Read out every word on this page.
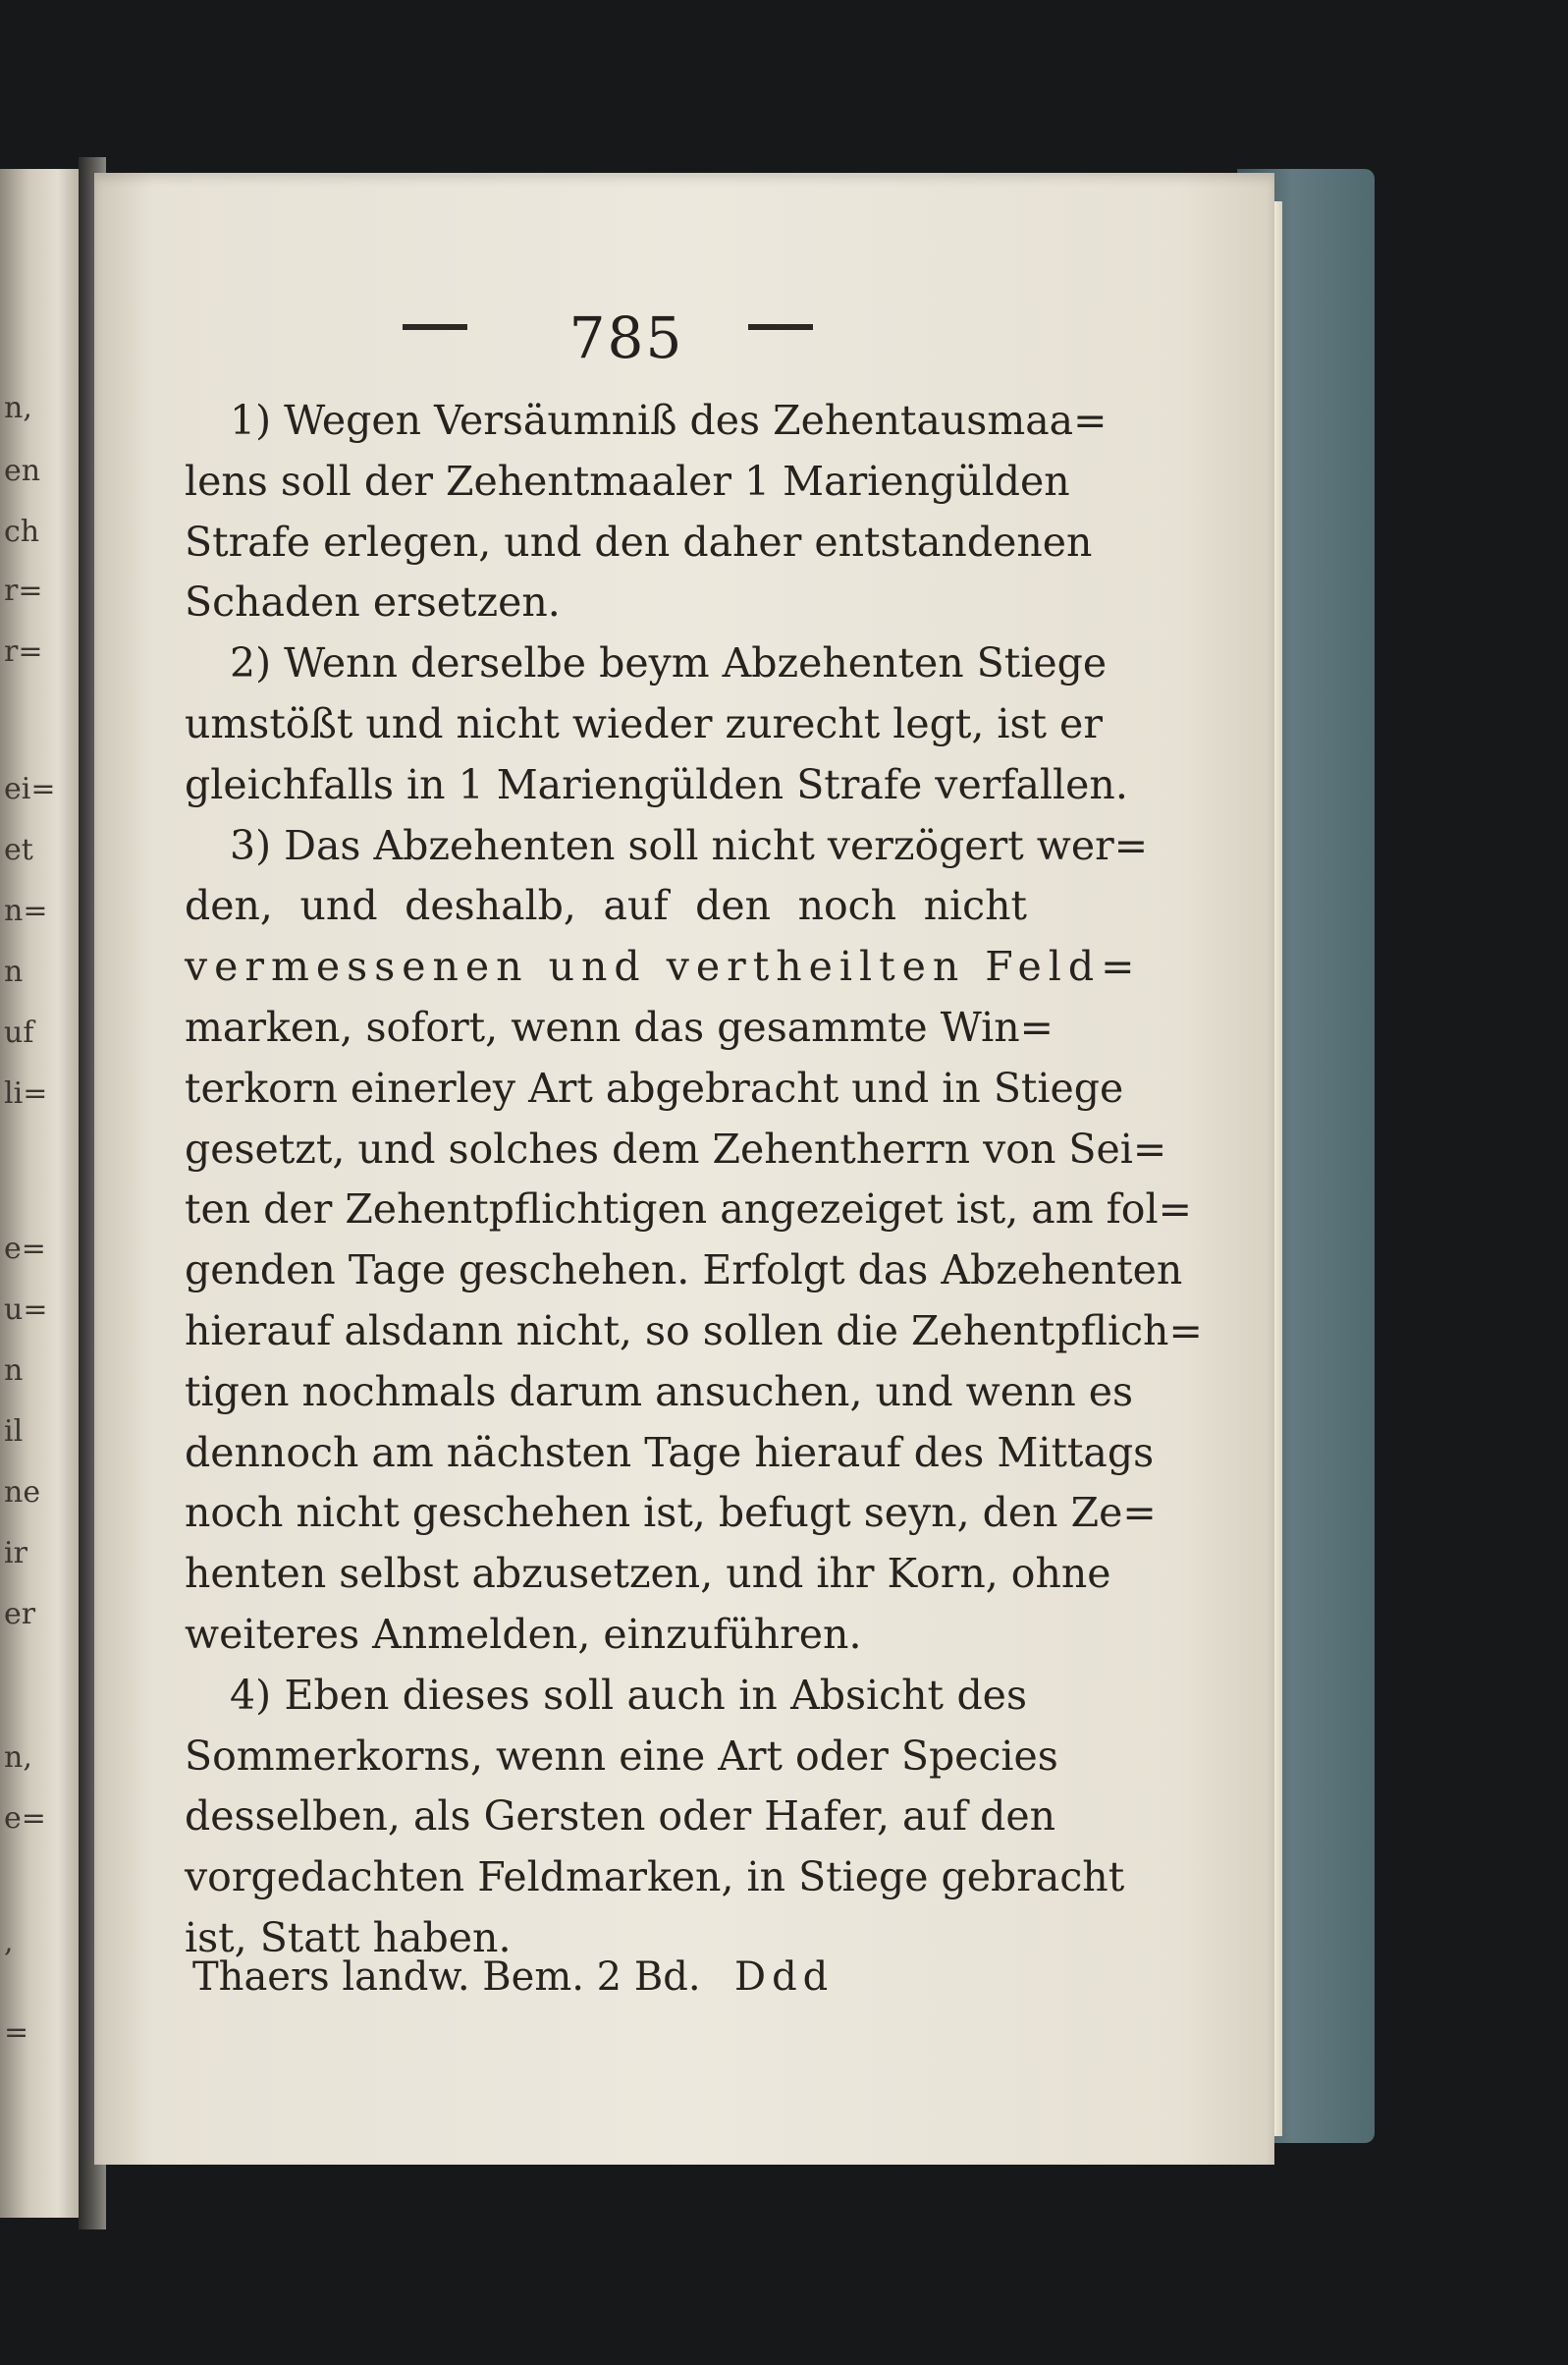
n,
en
ch
r=
r=
ei=
et
n=
n
uf
li=
e=
u=
n
il
ne
ir
er
n,
e=
,
=
785
1) Wegen Versäumniß des Zehentausmaa=
lens soll der Zehentmaaler 1 Mariengülden
Strafe erlegen, und den daher entstandenen
Schaden ersetzen.
2) Wenn derselbe beym Abzehenten Stiege
umstößt und nicht wieder zurecht legt, ist er
gleichfalls in 1 Mariengülden Strafe verfallen.
3) Das Abzehenten soll nicht verzögert wer=
den, und deshalb, auf den noch nicht
vermessenen und vertheilten Feld=
marken, sofort, wenn das gesammte Win=
terkorn einerley Art abgebracht und in Stiege
gesetzt, und solches dem Zehentherrn von Sei=
ten der Zehentpflichtigen angezeiget ist, am fol=
genden Tage geschehen. Erfolgt das Abzehenten
hierauf alsdann nicht, so sollen die Zehentpflich=
tigen nochmals darum ansuchen, und wenn es
dennoch am nächsten Tage hierauf des Mittags
noch nicht geschehen ist, befugt seyn, den Ze=
henten selbst abzusetzen, und ihr Korn, ohne
weiteres Anmelden, einzuführen.
4) Eben dieses soll auch in Absicht des
Sommerkorns, wenn eine Art oder Species
desselben, als Gersten oder Hafer, auf den
vorgedachten Feldmarken, in Stiege gebracht
ist, Statt haben.
Thaers landw. Bem. 2 Bd. Ddd
